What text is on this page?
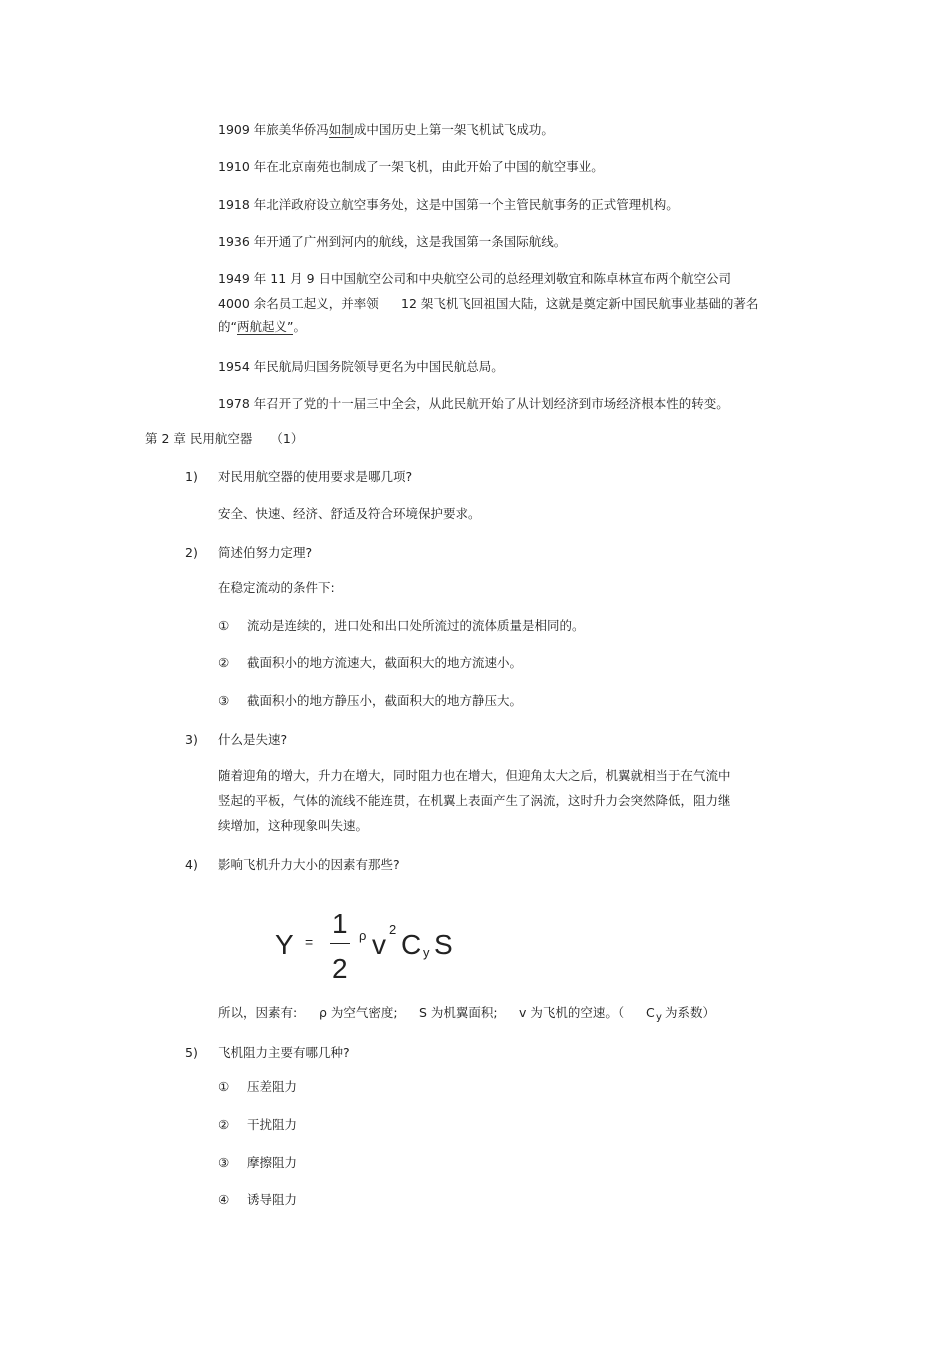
1909 年旅美华侨冯如制成中国历史上第一架飞机试飞成功。
1910 年在北京南苑也制成了一架飞机，由此开始了中国的航空事业。
1918 年北洋政府设立航空事务处，这是中国第一个主管民航事务的正式管理机构。
1936 年开通了广州到河内的航线，这是我国第一条国际航线。
1949 年 11 月 9 日中国航空公司和中央航空公司的总经理刘敬宜和陈卓林宣布两个航空公司
4000 余名员工起义，并率领 12 架飞机飞回祖国大陆，这就是奠定新中国民航事业基础的著名
的“两航起义”。
1954 年民航局归国务院领导更名为中国民航总局。
1978 年召开了党的十一届三中全会，从此民航开始了从计划经济到市场经济根本性的转变。
第 2 章 民用航空器 （1）
1) 对民用航空器的使用要求是哪几项?
安全、快速、经济、舒适及符合环境保护要求。
2) 简述伯努力定理?
在稳定流动的条件下:
① 流动是连续的，进口处和出口处所流过的流体质量是相同的。
② 截面积小的地方流速大，截面积大的地方流速小。
③ 截面积小的地方静压小，截面积大的地方静压大。
3) 什么是失速?
随着迎角的增大，升力在增大，同时阻力也在增大，但迎角太大之后，机翼就相当于在气流中
竖起的平板，气体的流线不能连贯，在机翼上表面产生了涡流，这时升力会突然降低，阻力继
续增加，这种现象叫失速。
4) 影响飞机升力大小的因素有那些?
Y =
1
2
ρ v 2 C y S
所以，因素有: ρ 为空气密度; S 为机翼面积; v 为飞机的空速。（ C y 为系数）
5) 飞机阻力主要有哪几种?
① 压差阻力
② 干扰阻力
③ 摩擦阻力
④ 诱导阻力
